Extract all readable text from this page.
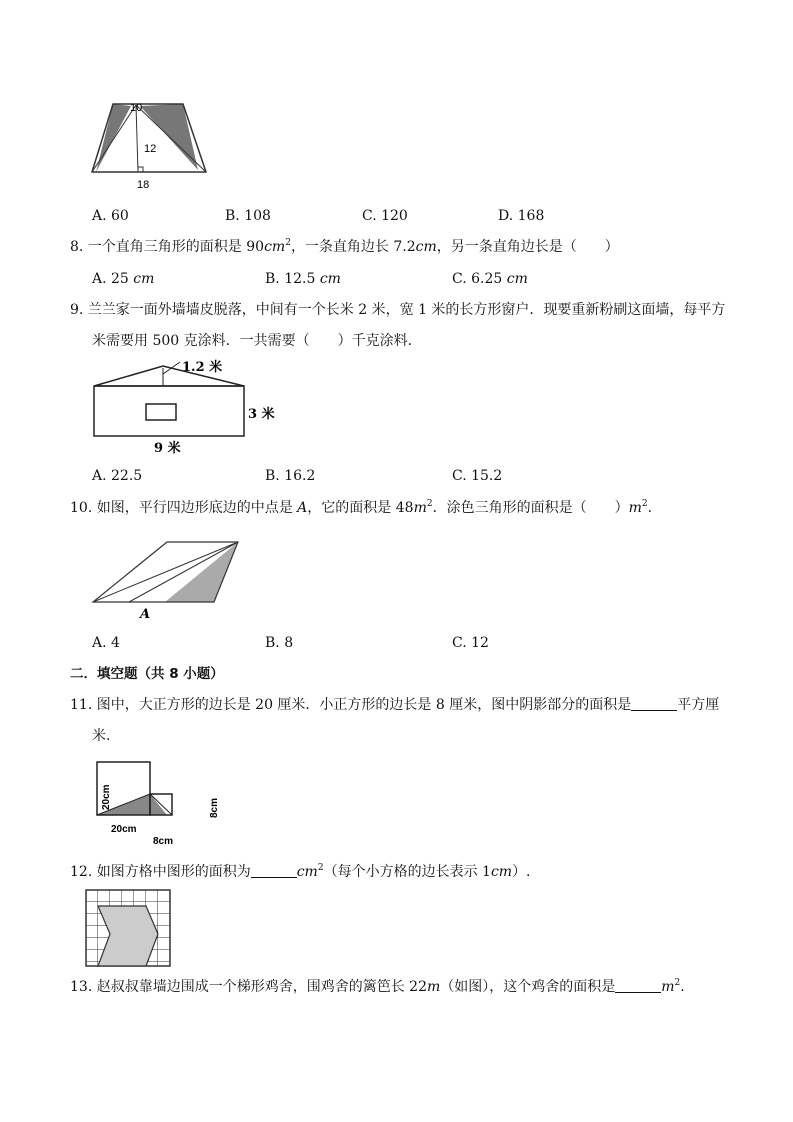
10
12
18
A. 60	B. 108	C. 120	D. 168
8. 一个直角三角形的面积是 $90cm^2$，一条直角边长 7.2cm，另一条直角边长是（　　）
A. 25 cm	B. 12.5 cm	C. 6.25 cm
9. 兰兰家一面外墙墙皮脱落，中间有一个长米 2 米，宽 1 米的长方形窗户．现要重新粉刷这面墙，每平方
米需要用 500 克涂料．一共需要（　　）千克涂料．
1.2 米
3 米
9 米
A. 22.5	B. 16.2	C. 15.2
10. 如图，平行四边形底边的中点是 A，它的面积是 $48m^2$．涂色三角形的面积是（　　）$m^2$.
A
A. 4	B. 8	C. 12
二．填空题（共 8 小题）
11. 图中，大正方形的边长是 20 厘米．小正方形的边长是 8 厘米，图中阴影部分的面积是	平方厘
米.
20cm
20cm
8cm
8cm
12. 如图方格中图形的面积为	$cm^2$（每个小方格的边长表示 1cm）.
13. 赵叔叔靠墙边围成一个梯形鸡舍，围鸡舍的篱笆长 22m（如图），这个鸡舍的面积是	$m^2$.
